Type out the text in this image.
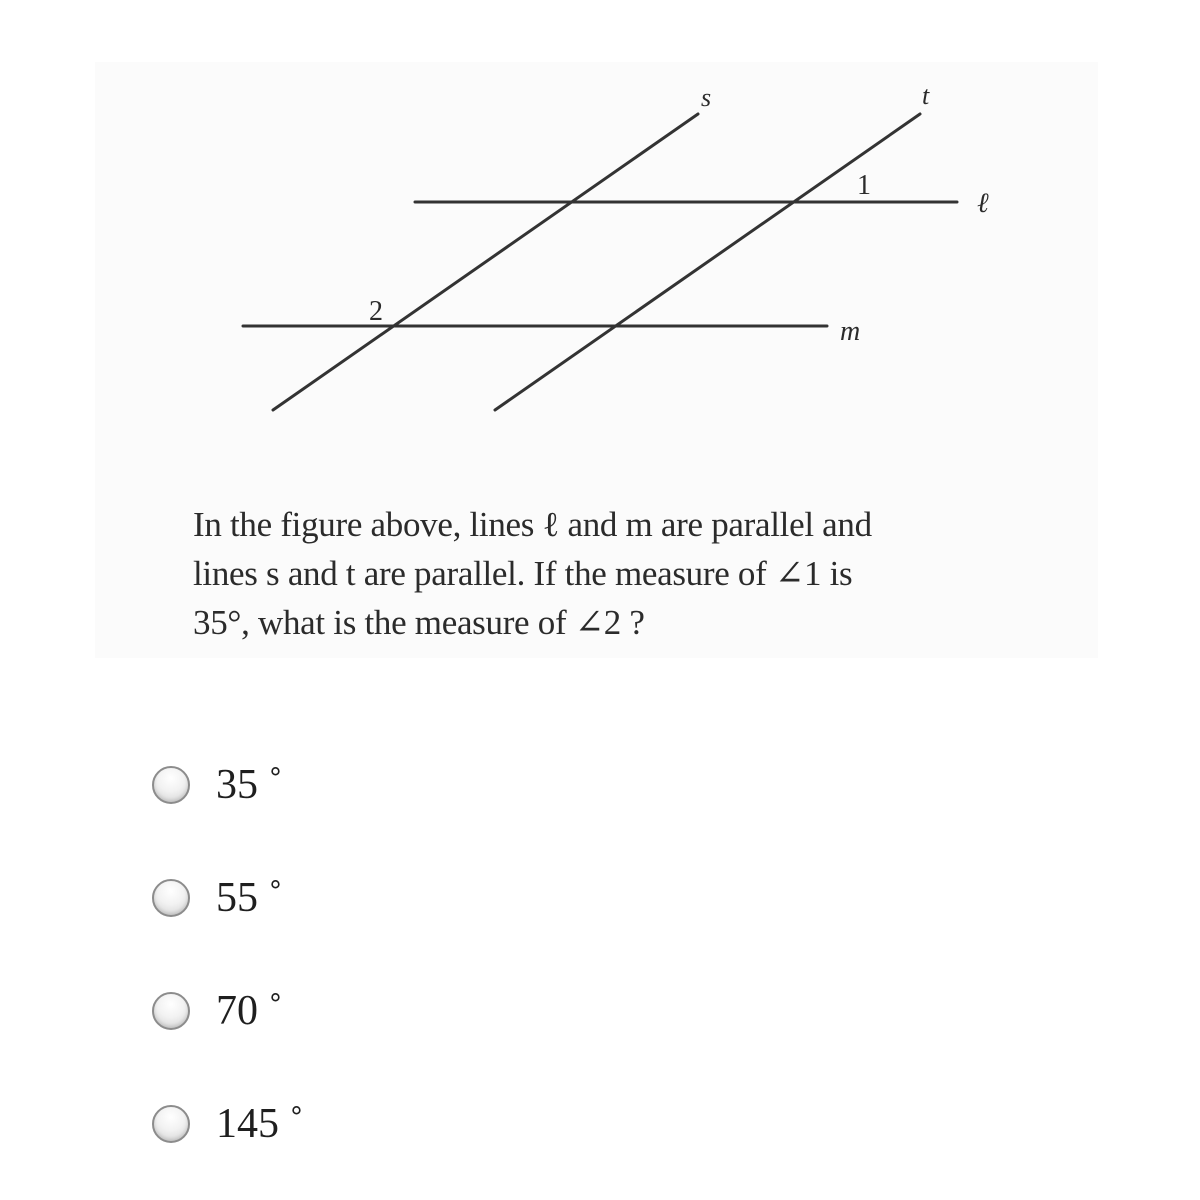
s	t
ℓ
m
1
2
In the figure above, lines ℓ and m are parallel and
lines s and t are parallel. If the measure of ∠1 is
35°, what is the measure of ∠2 ?
35 ˚
55 ˚
70 ˚
145 ˚
